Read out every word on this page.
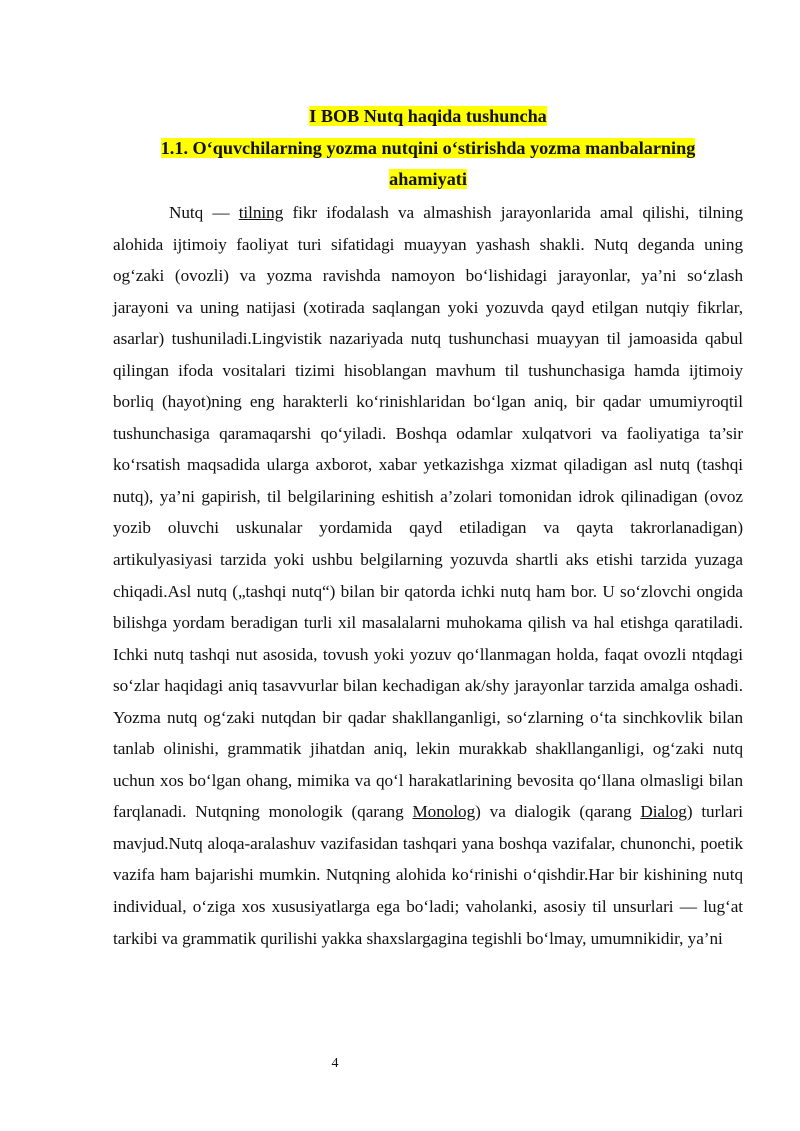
I BOB Nutq haqida tushuncha
1.1. O‘quvchilarning yozma nutqini o‘stirishda yozma manbalarning
ahamiyati

Nutq — tilning fikr ifodalash va almashish jarayonlarida amal qilishi, tilning alohida ijtimoiy faoliyat turi sifatidagi muayyan yashash shakli. Nutq deganda uning og‘zaki (ovozli) va yozma ravishda namoyon bo‘lishidagi jarayonlar, ya’ni so‘zlash jarayoni va uning natijasi (xotirada saqlangan yoki yozuvda qayd etilgan nutqiy fikrlar, asarlar) tushuniladi.Lingvistik nazariyada nutq tushunchasi muayyan til jamoasida qabul qilingan ifoda vositalari tizimi hisoblangan mavhum til tushunchasiga hamda ijtimoiy borliq (hayot)ning eng harakterli ko‘rinishlaridan bo‘lgan aniq, bir qadar umumiyroqtil tushunchasiga qaramaqarshi qo‘yiladi. Boshqa odamlar xulqatvori va faoliyatiga ta’sir ko‘rsatish maqsadida ularga axborot, xabar yetkazishga xizmat qiladigan asl nutq (tashqi nutq), ya’ni gapirish, til belgilarining eshitish a’zolari tomonidan idrok qilinadigan (ovoz yozib oluvchi uskunalar yordamida qayd etiladigan va qayta takrorlanadigan) artikulyasiyasi tarzida yoki ushbu belgilarning yozuvda shartli aks etishi tarzida yuzaga chiqadi.Asl nutq („tashqi nutq“) bilan bir qatorda ichki nutq ham bor. U so‘zlovchi ongida bilishga yordam beradigan turli xil masalalarni muhokama qilish va hal etishga qaratiladi. Ichki nutq tashqi nut asosida, tovush yoki yozuv qo‘llanmagan holda, faqat ovozli ntqdagi so‘zlar haqidagi aniq tasavvurlar bilan kechadigan ak/shy jarayonlar tarzida amalga oshadi. Yozma nutq og‘zaki nutqdan bir qadar shakllanganligi, so‘zlarning o‘ta sinchkovlik bilan tanlab olinishi, grammatik jihatdan aniq, lekin murakkab shakllanganligi, og‘zaki nutq uchun xos bo‘lgan ohang, mimika va qo‘l harakatlarining bevosita qo‘llana olmasligi bilan farqlanadi. Nutqning monologik (qarang Monolog) va dialogik (qarang Dialog) turlari mavjud.Nutq aloqa-aralashuv vazifasidan tashqari yana boshqa vazifalar, chunonchi, poetik vazifa ham bajarishi mumkin. Nutqning alohida ko‘rinishi o‘qishdir.Har bir kishining nutq individual, o‘ziga xos xususiyatlarga ega bo‘ladi; vaholanki, asosiy til unsurlari — lug‘at tarkibi va grammatik qurilishi yakka shaxslargagina tegishli bo‘lmay, umumnikidir, ya’ni

4
